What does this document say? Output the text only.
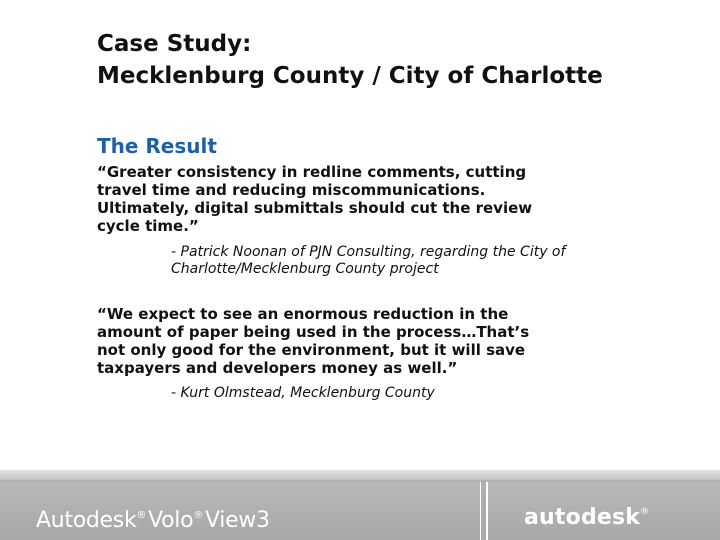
Case Study:
Mecklenburg County / City of Charlotte
The Result
“Greater consistency in redline comments, cutting
travel time and reducing miscommunications.
Ultimately, digital submittals should cut the review
cycle time.”
- Patrick Noonan of PJN Consulting, regarding the City of
Charlotte/Mecklenburg County project
“We expect to see an enormous reduction in the
amount of paper being used in the process…That’s
not only good for the environment, but it will save
taxpayers and developers money as well.”
- Kurt Olmstead, Mecklenburg County
Autodesk®Volo®View3	autodesk®
